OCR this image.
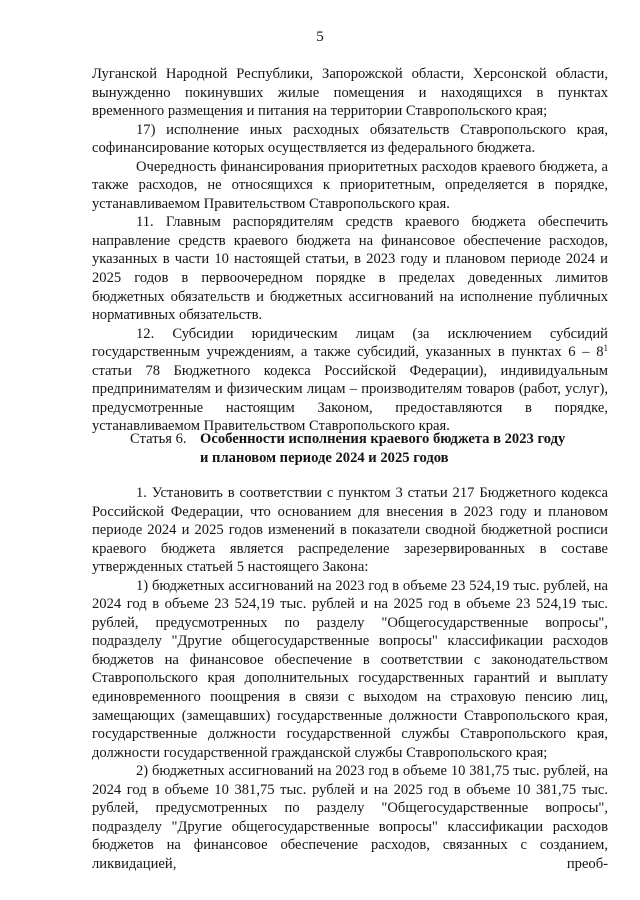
5

Луганской Народной Республики, Запорожской области, Херсонской области, вынужденно покинувших жилые помещения и находящихся в пунктах временного размещения и питания на территории Ставропольского края;

17) исполнение иных расходных обязательств Ставропольского края, софинансирование которых осуществляется из федерального бюджета.

Очередность финансирования приоритетных расходов краевого бюджета, а также расходов, не относящихся к приоритетным, определяется в порядке, устанавливаемом Правительством Ставропольского края.

11. Главным распорядителям средств краевого бюджета обеспечить направление средств краевого бюджета на финансовое обеспечение расходов, указанных в части 10 настоящей статьи, в 2023 году и плановом периоде 2024 и 2025 годов в первоочередном порядке в пределах доведенных лимитов бюджетных обязательств и бюджетных ассигнований на исполнение публичных нормативных обязательств.

12. Субсидии юридическим лицам (за исключением субсидий государственным учреждениям, а также субсидий, указанных в пунктах $6 - 8^1$ статьи 78 Бюджетного кодекса Российской Федерации), индивидуальным предпринимателям и физическим лицам – производителям товаров (работ, услуг), предусмотренные настоящим Законом, предоставляются в порядке, устанавливаемом Правительством Ставропольского края.

Статья 6. Особенности исполнения краевого бюджета в 2023 году
и плановом периоде 2024 и 2025 годов

1. Установить в соответствии с пунктом 3 статьи 217 Бюджетного кодекса Российской Федерации, что основанием для внесения в 2023 году и плановом периоде 2024 и 2025 годов изменений в показатели сводной бюджетной росписи краевого бюджета является распределение зарезервированных в составе утвержденных статьей 5 настоящего Закона:

1) бюджетных ассигнований на 2023 год в объеме 23 524,19 тыс. рублей, на 2024 год в объеме 23 524,19 тыс. рублей и на 2025 год в объеме 23 524,19 тыс. рублей, предусмотренных по разделу "Общегосударственные вопросы", подразделу "Другие общегосударственные вопросы" классификации расходов бюджетов на финансовое обеспечение в соответствии с законодательством Ставропольского края дополнительных государственных гарантий и выплату единовременного поощрения в связи с выходом на страховую пенсию лиц, замещающих (замещавших) государственные должности Ставропольского края, государственные должности государственной службы Ставропольского края, должности государственной гражданской службы Ставропольского края;

2) бюджетных ассигнований на 2023 год в объеме 10 381,75 тыс. рублей, на 2024 год в объеме 10 381,75 тыс. рублей и на 2025 год в объеме 10 381,75 тыс. рублей, предусмотренных по разделу "Общегосударственные вопросы", подразделу "Другие общегосударственные вопросы" классификации расходов бюджетов на финансовое обеспечение расходов, связанных с созданием, ликвидацией, преоб-
